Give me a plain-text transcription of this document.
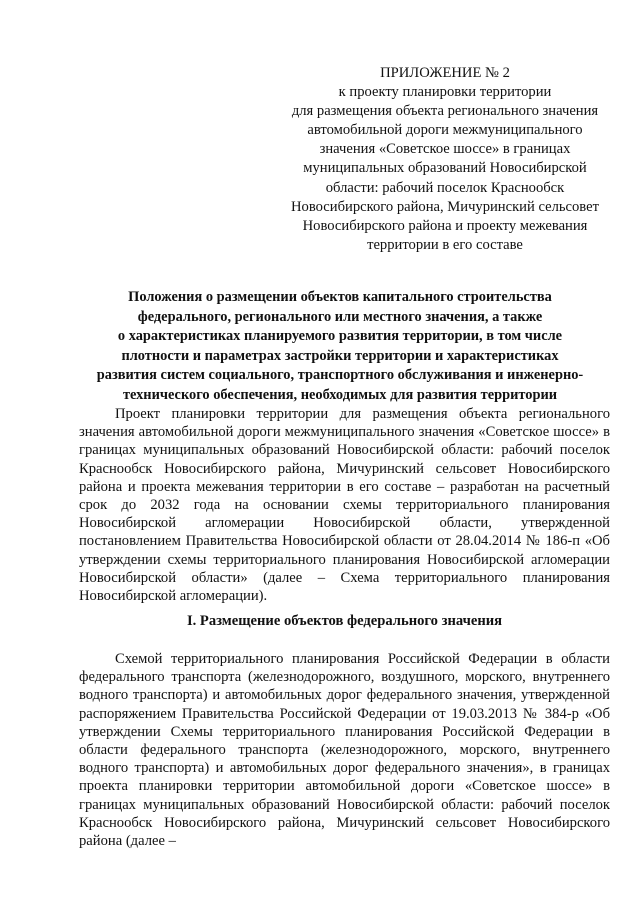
ПРИЛОЖЕНИЕ № 2
к проекту планировки территории
для размещения объекта регионального значения
автомобильной дороги межмуниципального
значения «Советское шоссе» в границах
муниципальных образований Новосибирской
области: рабочий поселок Краснообск
Новосибирского района, Мичуринский сельсовет
Новосибирского района и проекту межевания
территории в его составе
Положения о размещении объектов капитального строительства
федерального, регионального или местного значения, а также
о характеристиках планируемого развития территории, в том числе
плотности и параметрах застройки территории и характеристиках
развития систем социального, транспортного обслуживания и инженерно-
технического обеспечения, необходимых для развития территории

Проект планировки территории для размещения объекта регионального значения автомобильной дороги межмуниципального значения «Советское шоссе» в границах муниципальных образований Новосибирской области: рабочий поселок Краснообск Новосибирского района, Мичуринский сельсовет Новосибирского района и проекта межевания территории в его составе – разработан на расчетный срок до 2032 года на основании схемы территориального планирования Новосибирской агломерации Новосибирской области, утвержденной постановлением Правительства Новосибирской области от 28.04.2014 № 186-п «Об утверждении схемы территориального планирования Новосибирской агломерации Новосибирской области» (далее – Схема территориального планирования Новосибирской агломерации).

I. Размещение объектов федерального значения

Схемой территориального планирования Российской Федерации в области федерального транспорта (железнодорожного, воздушного, морского, внутреннего водного транспорта) и автомобильных дорог федерального значения, утвержденной распоряжением Правительства Российской Федерации от 19.03.2013 № 384-р «Об утверждении Схемы территориального планирования Российской Федерации в области федерального транспорта (железнодорожного, морского, внутреннего водного транспорта) и автомобильных дорог федерального значения», в границах проекта планировки территории автомобильной дороги «Советское шоссе» в границах муниципальных образований Новосибирской области: рабочий поселок Краснообск Новосибирского района, Мичуринский сельсовет Новосибирского района (далее –
